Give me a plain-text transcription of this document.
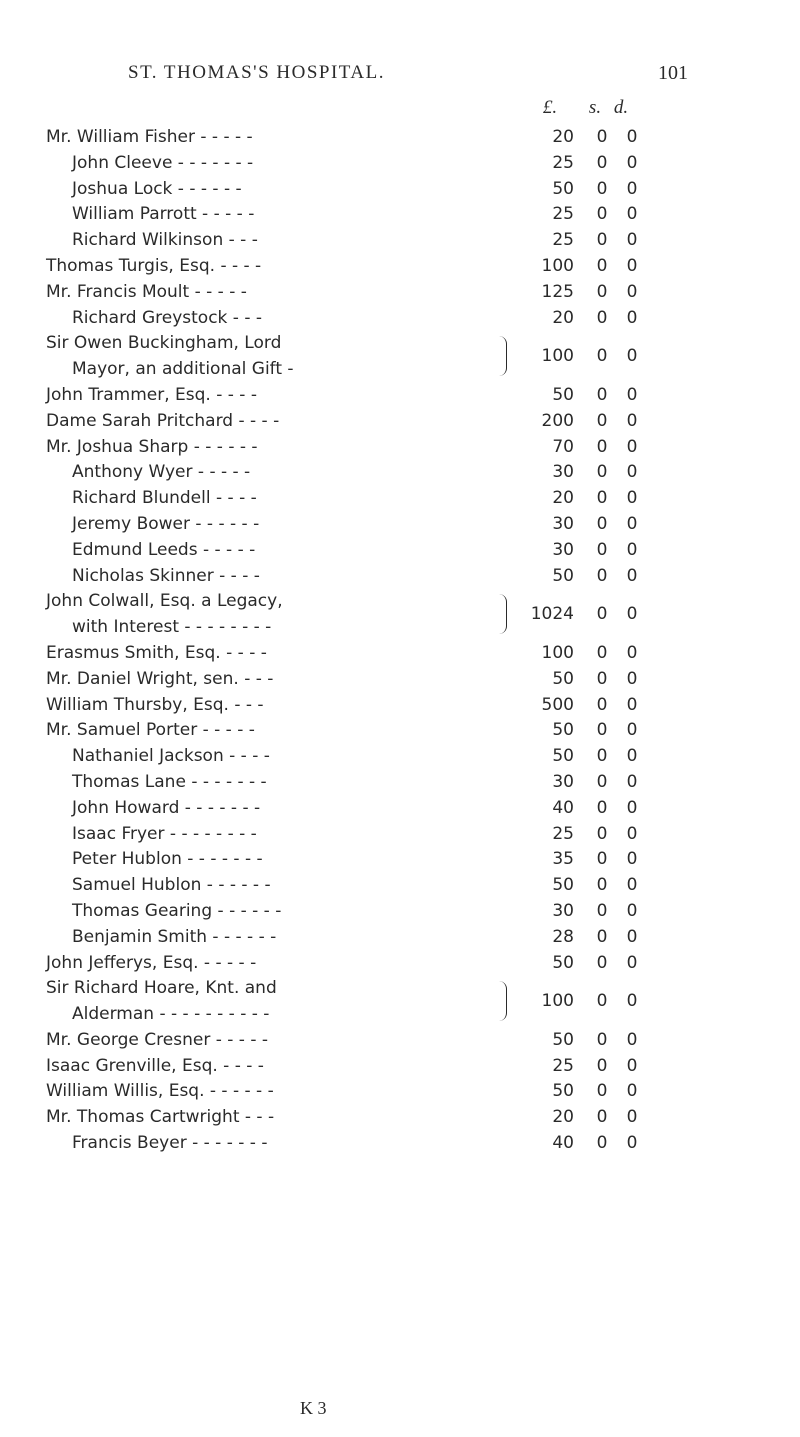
ST. THOMAS'S HOSPITAL.	101
£.	s. d.
Mr. William Fisher - - - - -	20	0	0
John Cleeve - - - - - - -	25	0	0
Joshua Lock - - - - - -	50	0	0
William Parrott - - - - -	25	0	0
Richard Wilkinson - - -	25	0	0
Thomas Turgis, Esq. - - - -	100	0	0
Mr. Francis Moult - - - - -	125	0	0
Richard Greystock - - -	20	0	0
Sir Owen Buckingham, Lord
Mayor, an additional Gift -
100	0	0
John Trammer, Esq. - - - -	50	0	0
Dame Sarah Pritchard - - - -	200	0	0
Mr. Joshua Sharp - - - - - -	70	0	0
Anthony Wyer - - - - -	30	0	0
Richard Blundell - - - -	20	0	0
Jeremy Bower - - - - - -	30	0	0
Edmund Leeds - - - - -	30	0	0
Nicholas Skinner - - - -	50	0	0
John Colwall, Esq. a Legacy,
with Interest - - - - - - - -
1024	0	0
Erasmus Smith, Esq. - - - -	100	0	0
Mr. Daniel Wright, sen. - - -	50	0	0
William Thursby, Esq. - - -	500	0	0
Mr. Samuel Porter - - - - -	50	0	0
Nathaniel Jackson - - - -	50	0	0
Thomas Lane - - - - - - -	30	0	0
John Howard - - - - - - -	40	0	0
Isaac Fryer - - - - - - - -	25	0	0
Peter Hublon - - - - - - -	35	0	0
Samuel Hublon - - - - - -	50	0	0
Thomas Gearing - - - - - -	30	0	0
Benjamin Smith - - - - - -	28	0	0
John Jefferys, Esq. - - - - -	50	0	0
Sir Richard Hoare, Knt. and
Alderman - - - - - - - - - -
100	0	0
Mr. George Cresner - - - - -	50	0	0
Isaac Grenville, Esq. - - - -	25	0	0
William Willis, Esq. - - - - - -	50	0	0
Mr. Thomas Cartwright - - -	20	0	0
Francis Beyer - - - - - - -	40	0	0
K 3
